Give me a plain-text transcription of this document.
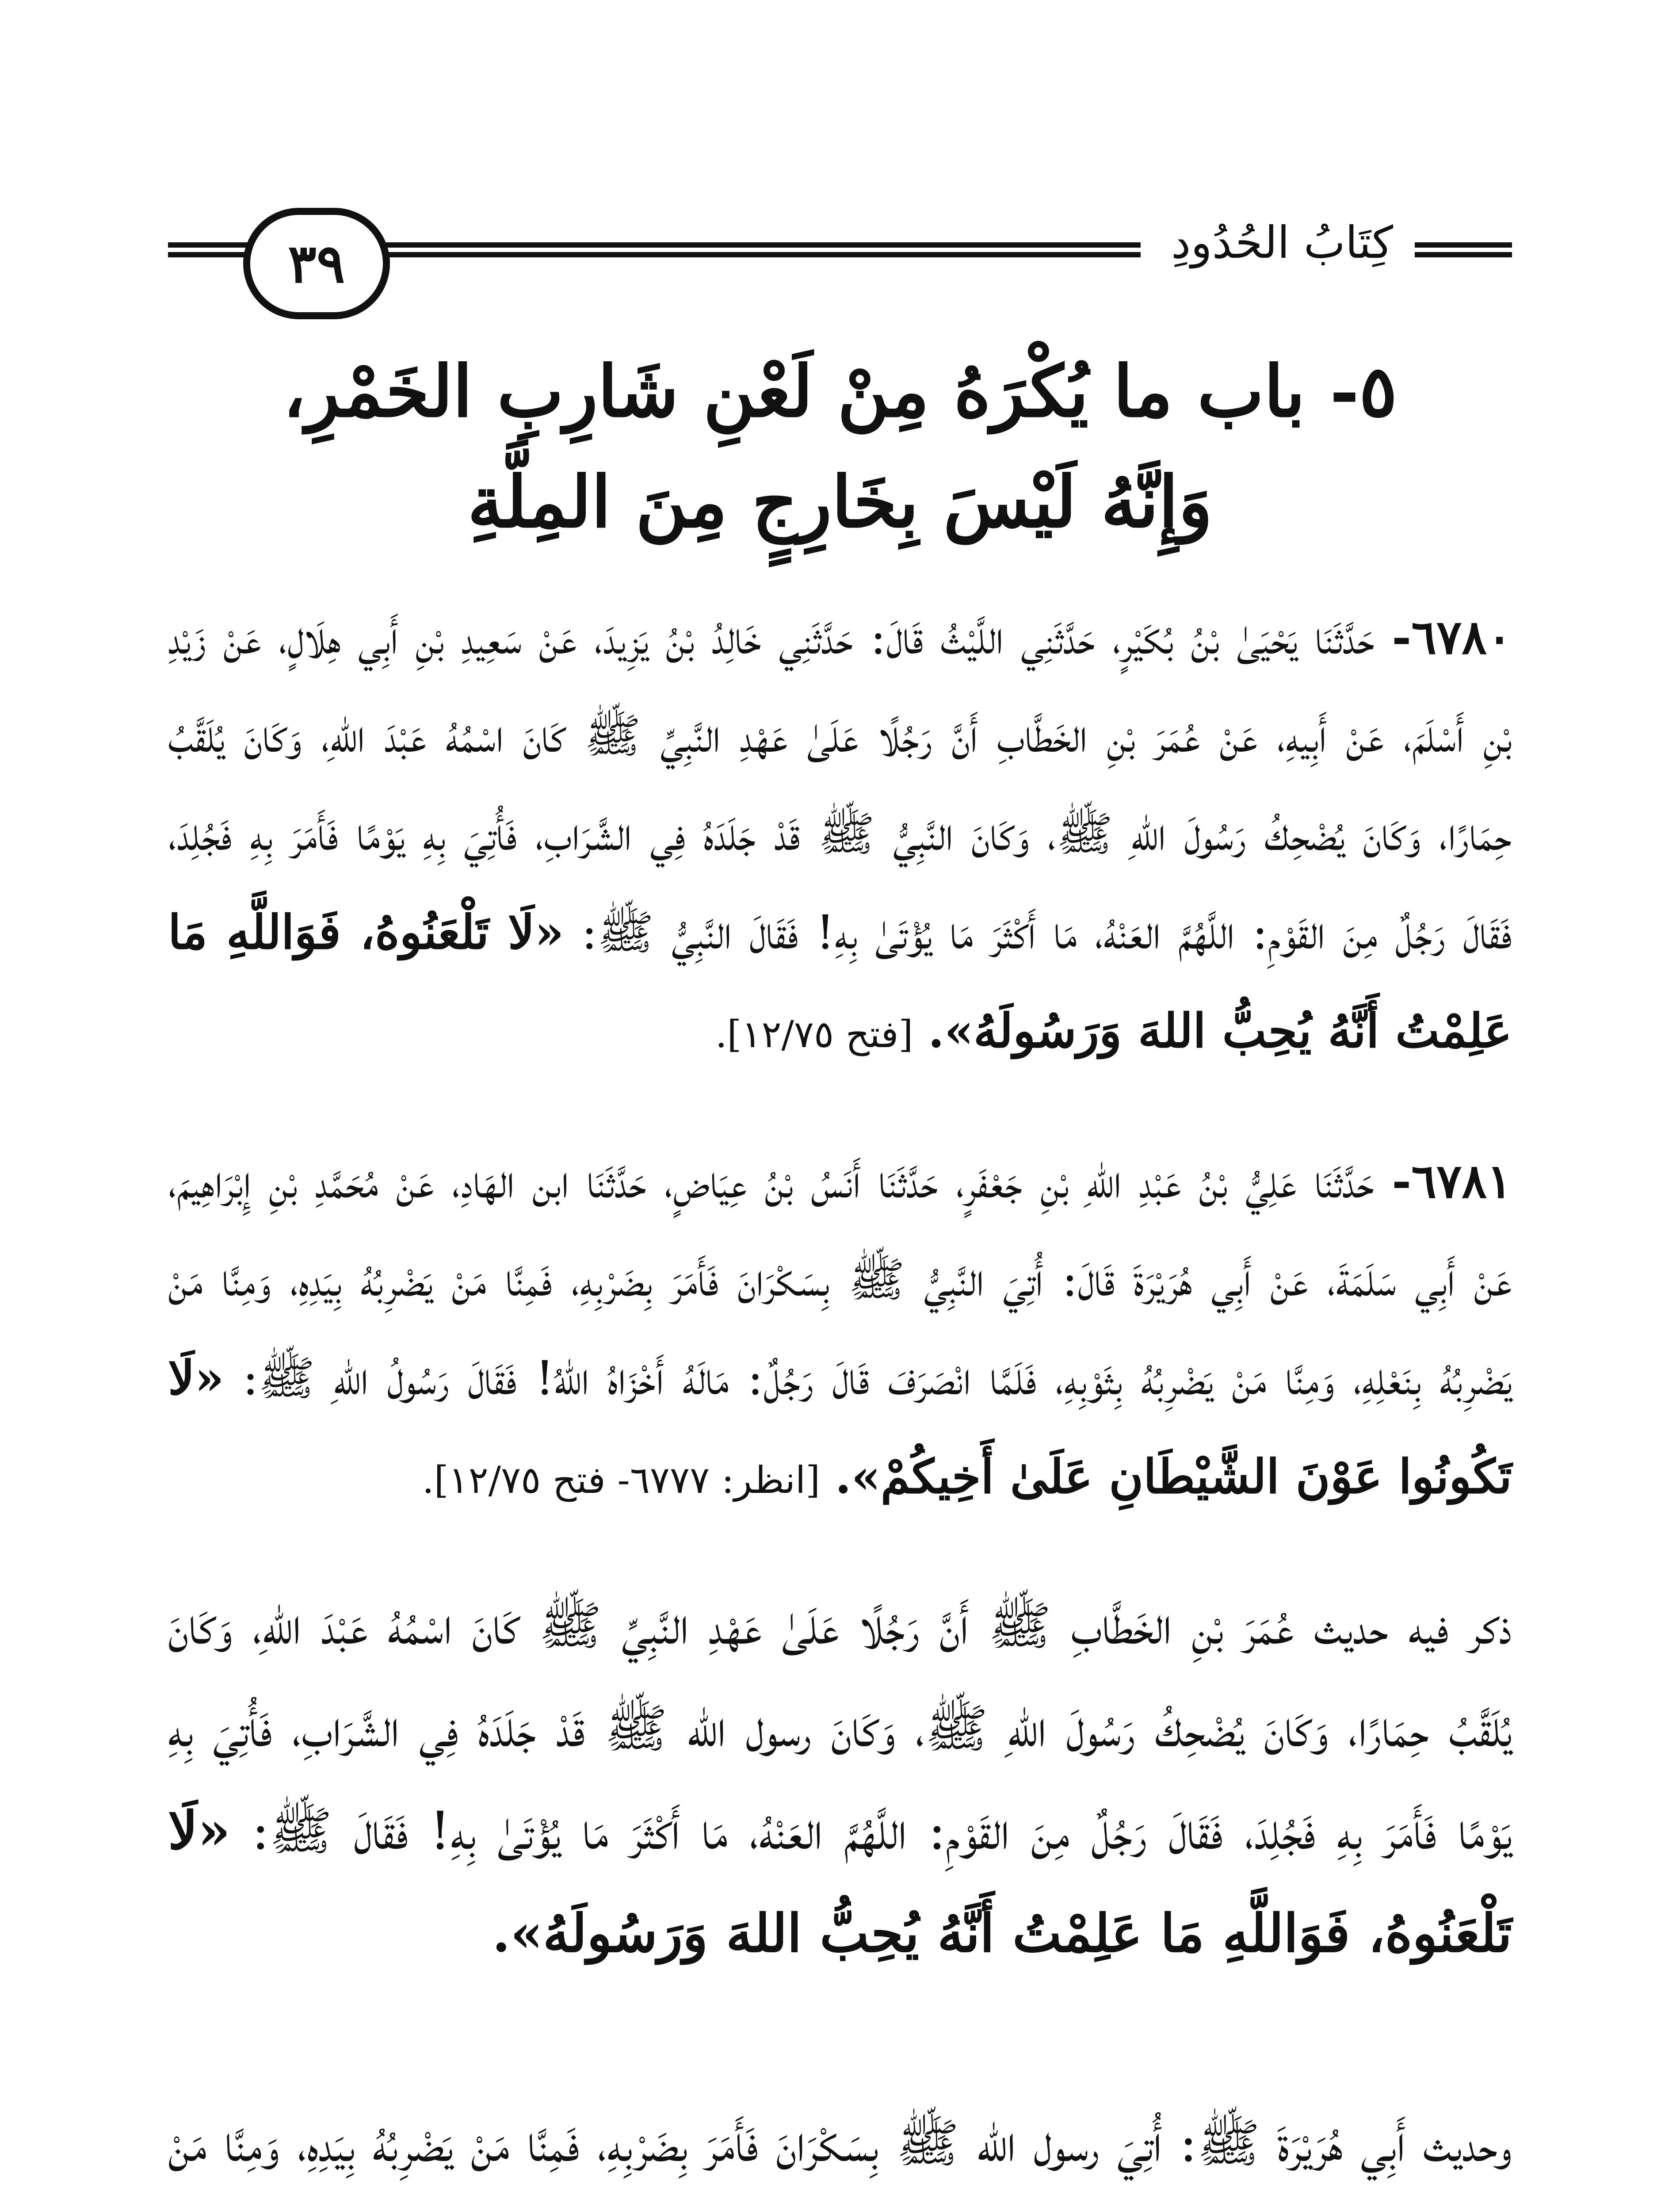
٣٩	كِتَابُ الحُدُودِ
٥- باب ما يُكْرَهُ مِنْ لَعْنِ شَارِبِ الخَمْرِ،
وَإِنَّهُ لَيْسَ بِخَارِجٍ مِنَ المِلَّةِ
٦٧٨٠- حَدَّثَنَا يَحْيَىٰ بْنُ بُكَيْرٍ، حَدَّثَنِي اللَّيْثُ قَالَ: حَدَّثَنِي خَالِدُ بْنُ يَزِيدَ، عَنْ سَعِيدِ بْنِ أَبِي هِلَالٍ، عَنْ زَيْدِ بْنِ أَسْلَمَ، عَنْ أَبِيهِ، عَنْ عُمَرَ بْنِ الخَطَّابِ أَنَّ رَجُلًا عَلَىٰ عَهْدِ النَّبِيِّ ﷺ كَانَ اسْمُهُ عَبْدَ اللهِ، وَكَانَ يُلَقَّبُ حِمَارًا، وَكَانَ يُضْحِكُ رَسُولَ اللهِ ﷺ، وَكَانَ النَّبِيُّ ﷺ قَدْ جَلَدَهُ فِي الشَّرَابِ، فَأُتِيَ بِهِ يَوْمًا فَأَمَرَ بِهِ فَجُلِدَ، فَقَالَ رَجُلٌ مِنَ القَوْمِ: اللَّهُمَّ العَنْهُ، مَا أَكْثَرَ مَا يُؤْتَىٰ بِهِ! فَقَالَ النَّبِيُّ ﷺ: «لَا تَلْعَنُوهُ، فَوَاللَّهِ مَا عَلِمْتُ أَنَّهُ يُحِبُّ اللهَ وَرَسُولَهُ». [فتح ١٢/٧٥].
٦٧٨١- حَدَّثَنَا عَلِيُّ بْنُ عَبْدِ اللهِ بْنِ جَعْفَرٍ، حَدَّثَنَا أَنَسُ بْنُ عِيَاضٍ، حَدَّثَنَا ابن الهَادِ، عَنْ مُحَمَّدِ بْنِ إِبْرَاهِيمَ، عَنْ أَبِي سَلَمَةَ، عَنْ أَبِي هُرَيْرَةَ قَالَ: أُتِيَ النَّبِيُّ ﷺ بِسَكْرَانَ فَأَمَرَ بِضَرْبِهِ، فَمِنَّا مَنْ يَضْرِبُهُ بِيَدِهِ، وَمِنَّا مَنْ يَضْرِبُهُ بِنَعْلِهِ، وَمِنَّا مَنْ يَضْرِبُهُ بِثَوْبِهِ، فَلَمَّا انْصَرَفَ قَالَ رَجُلٌ: مَالَهُ أَخْزَاهُ اللهُ! فَقَالَ رَسُولُ اللهِ ﷺ: «لَا تَكُونُوا عَوْنَ الشَّيْطَانِ عَلَىٰ أَخِيكُمْ». [انظر: ٦٧٧٧- فتح ١٢/٧٥].
ذكر فيه حديث عُمَرَ بْنِ الخَطَّابِ ﷺ أَنَّ رَجُلًا عَلَىٰ عَهْدِ النَّبِيِّ ﷺ كَانَ اسْمُهُ عَبْدَ اللهِ، وَكَانَ يُلَقَّبُ حِمَارًا، وَكَانَ يُضْحِكُ رَسُولَ اللهِ ﷺ، وَكَانَ رسول الله ﷺ قَدْ جَلَدَهُ فِي الشَّرَابِ، فَأُتِيَ بِهِ يَوْمًا فَأَمَرَ بِهِ فَجُلِدَ، فَقَالَ رَجُلٌ مِنَ القَوْمِ: اللَّهُمَّ العَنْهُ، مَا أَكْثَرَ مَا يُؤْتَىٰ بِهِ! فَقَالَ ﷺ: «لَا تَلْعَنُوهُ، فَوَاللَّهِ مَا عَلِمْتُ أَنَّهُ يُحِبُّ اللهَ وَرَسُولَهُ».
وحديث أَبِي هُرَيْرَةَ ﷺ: أُتِيَ رسول الله ﷺ بِسَكْرَانَ فَأَمَرَ بِضَرْبِهِ، فَمِنَّا مَنْ يَضْرِبُهُ بِيَدِهِ، وَمِنَّا مَنْ
